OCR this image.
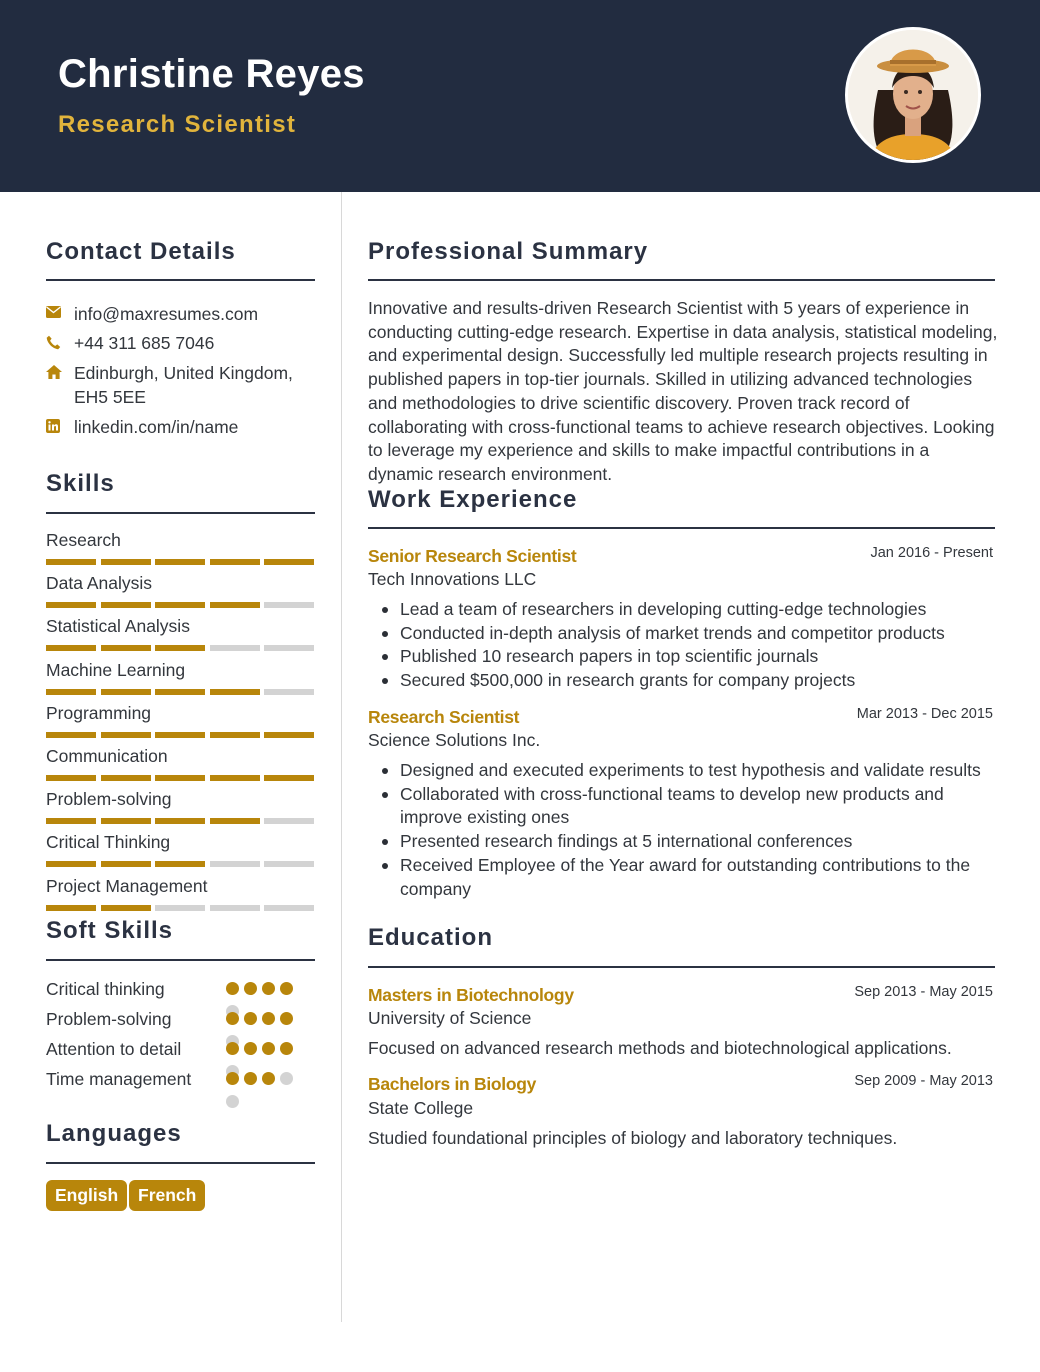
Christine Reyes
Research Scientist
Contact Details
info@maxresumes.com
+44 311 685 7046
Edinburgh, United Kingdom, EH5 5EE
linkedin.com/in/name
Skills
Research
Data Analysis
Statistical Analysis
Machine Learning
Programming
Communication
Problem-solving
Critical Thinking
Project Management
Soft Skills
Critical thinking
Problem-solving
Attention to detail
Time management
Languages
English	French
Professional Summary
Innovative and results-driven Research Scientist with 5 years of experience in conducting cutting-edge research. Expertise in data analysis, statistical modeling, and experimental design. Successfully led multiple research projects resulting in published papers in top-tier journals. Skilled in utilizing advanced technologies and methodologies to drive scientific discovery. Proven track record of collaborating with cross-functional teams to achieve research objectives. Looking to leverage my experience and skills to make impactful contributions in a dynamic research environment.
Work Experience
Senior Research Scientist	Jan 2016 - Present
Tech Innovations LLC
Lead a team of researchers in developing cutting-edge technologies
Conducted in-depth analysis of market trends and competitor products
Published 10 research papers in top scientific journals
Secured $500,000 in research grants for company projects
Research Scientist	Mar 2013 - Dec 2015
Science Solutions Inc.
Designed and executed experiments to test hypothesis and validate results
Collaborated with cross-functional teams to develop new products and improve existing ones
Presented research findings at 5 international conferences
Received Employee of the Year award for outstanding contributions to the company
Education
Masters in Biotechnology	Sep 2013 - May 2015
University of Science
Focused on advanced research methods and biotechnological applications.
Bachelors in Biology	Sep 2009 - May 2013
State College
Studied foundational principles of biology and laboratory techniques.
